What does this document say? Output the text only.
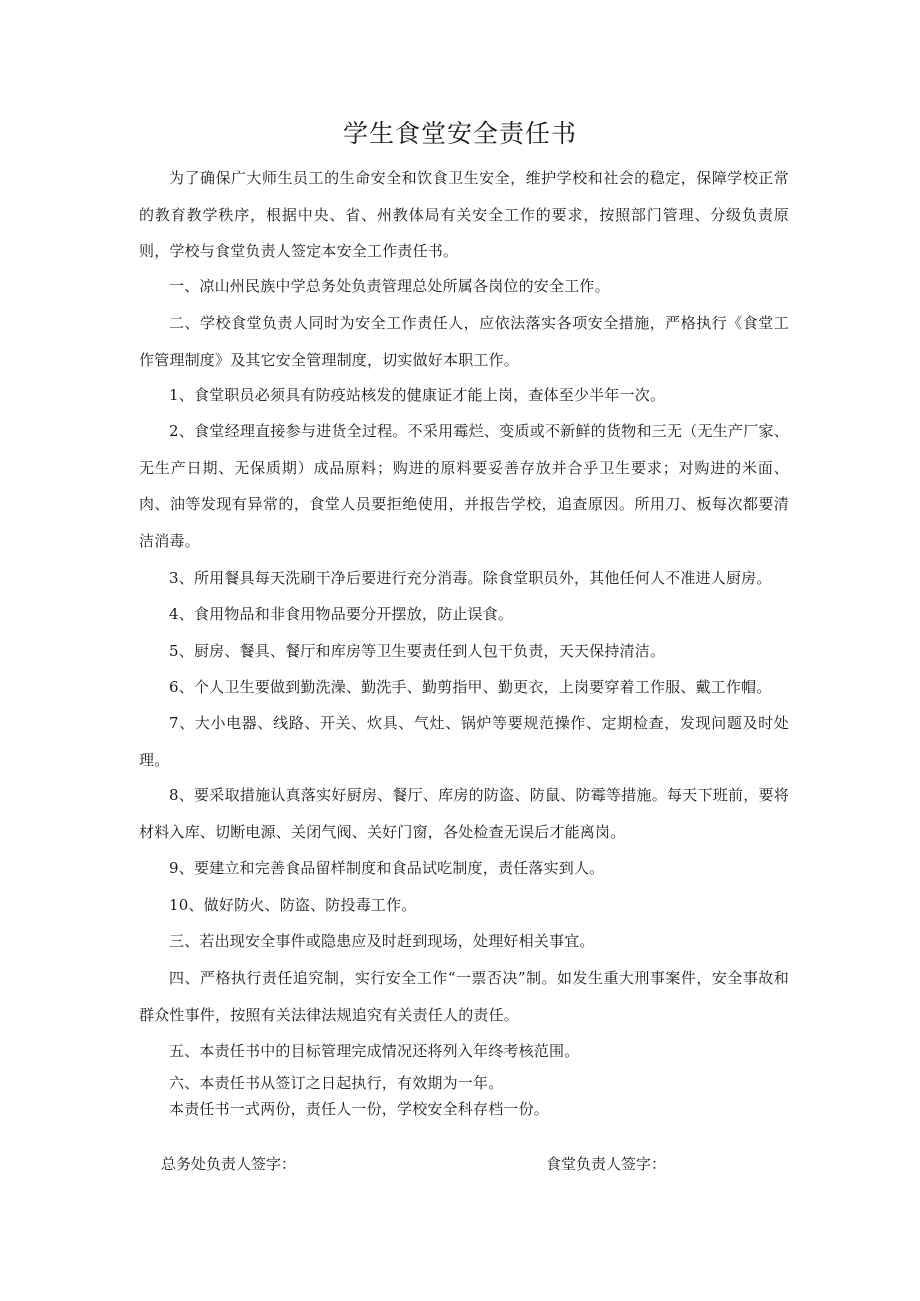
学生食堂安全责任书

为了确保广大师生员工的生命安全和饮食卫生安全，维护学校和社会的稳定，保障学校正常的教育教学秩序，根据中央、省、州教体局有关安全工作的要求，按照部门管理、分级负责原则，学校与食堂负责人签定本安全工作责任书。

一、凉山州民族中学总务处负责管理总处所属各岗位的安全工作。

二、学校食堂负责人同时为安全工作责任人，应依法落实各项安全措施，严格执行《食堂工作管理制度》及其它安全管理制度，切实做好本职工作。

1、食堂职员必须具有防疫站核发的健康证才能上岗，查体至少半年一次。

2、食堂经理直接参与进货全过程。不采用霉烂、变质或不新鲜的货物和三无（无生产厂家、无生产日期、无保质期）成品原料；购进的原料要妥善存放并合乎卫生要求；对购进的米面、肉、油等发现有异常的，食堂人员要拒绝使用，并报告学校，追查原因。所用刀、板每次都要清洁消毒。

3、所用餐具每天洗刷干净后要进行充分消毒。除食堂职员外，其他任何人不准进人厨房。

4、食用物品和非食用物品要分开摆放，防止误食。

5、厨房、餐具、餐厅和库房等卫生要责任到人包干负责，天天保持清洁。

6、个人卫生要做到勤洗澡、勤洗手、勤剪指甲、勤更衣，上岗要穿着工作服、戴工作帽。

7、大小电器、线路、开关、炊具、气灶、锅炉等要规范操作、定期检查，发现问题及时处理。

8、要采取措施认真落实好厨房、餐厅、库房的防盗、防鼠、防霉等措施。每天下班前，要将材料入库、切断电源、关闭气阀、关好门窗，各处检查无误后才能离岗。

9、要建立和完善食品留样制度和食品试吃制度，责任落实到人。

10、做好防火、防盗、防投毒工作。

三、若出现安全事件或隐患应及时赶到现场，处理好相关事宜。

四、严格执行责任追究制，实行安全工作“一票否决”制。如发生重大刑事案件，安全事故和群众性事件，按照有关法律法规追究有关责任人的责任。

五、本责任书中的目标管理完成情况还将列入年终考核范围。

六、本责任书从签订之日起执行，有效期为一年。

本责任书一式两份，责任人一份，学校安全科存档一份。

总务处负责人签字：	食堂负责人签字：
